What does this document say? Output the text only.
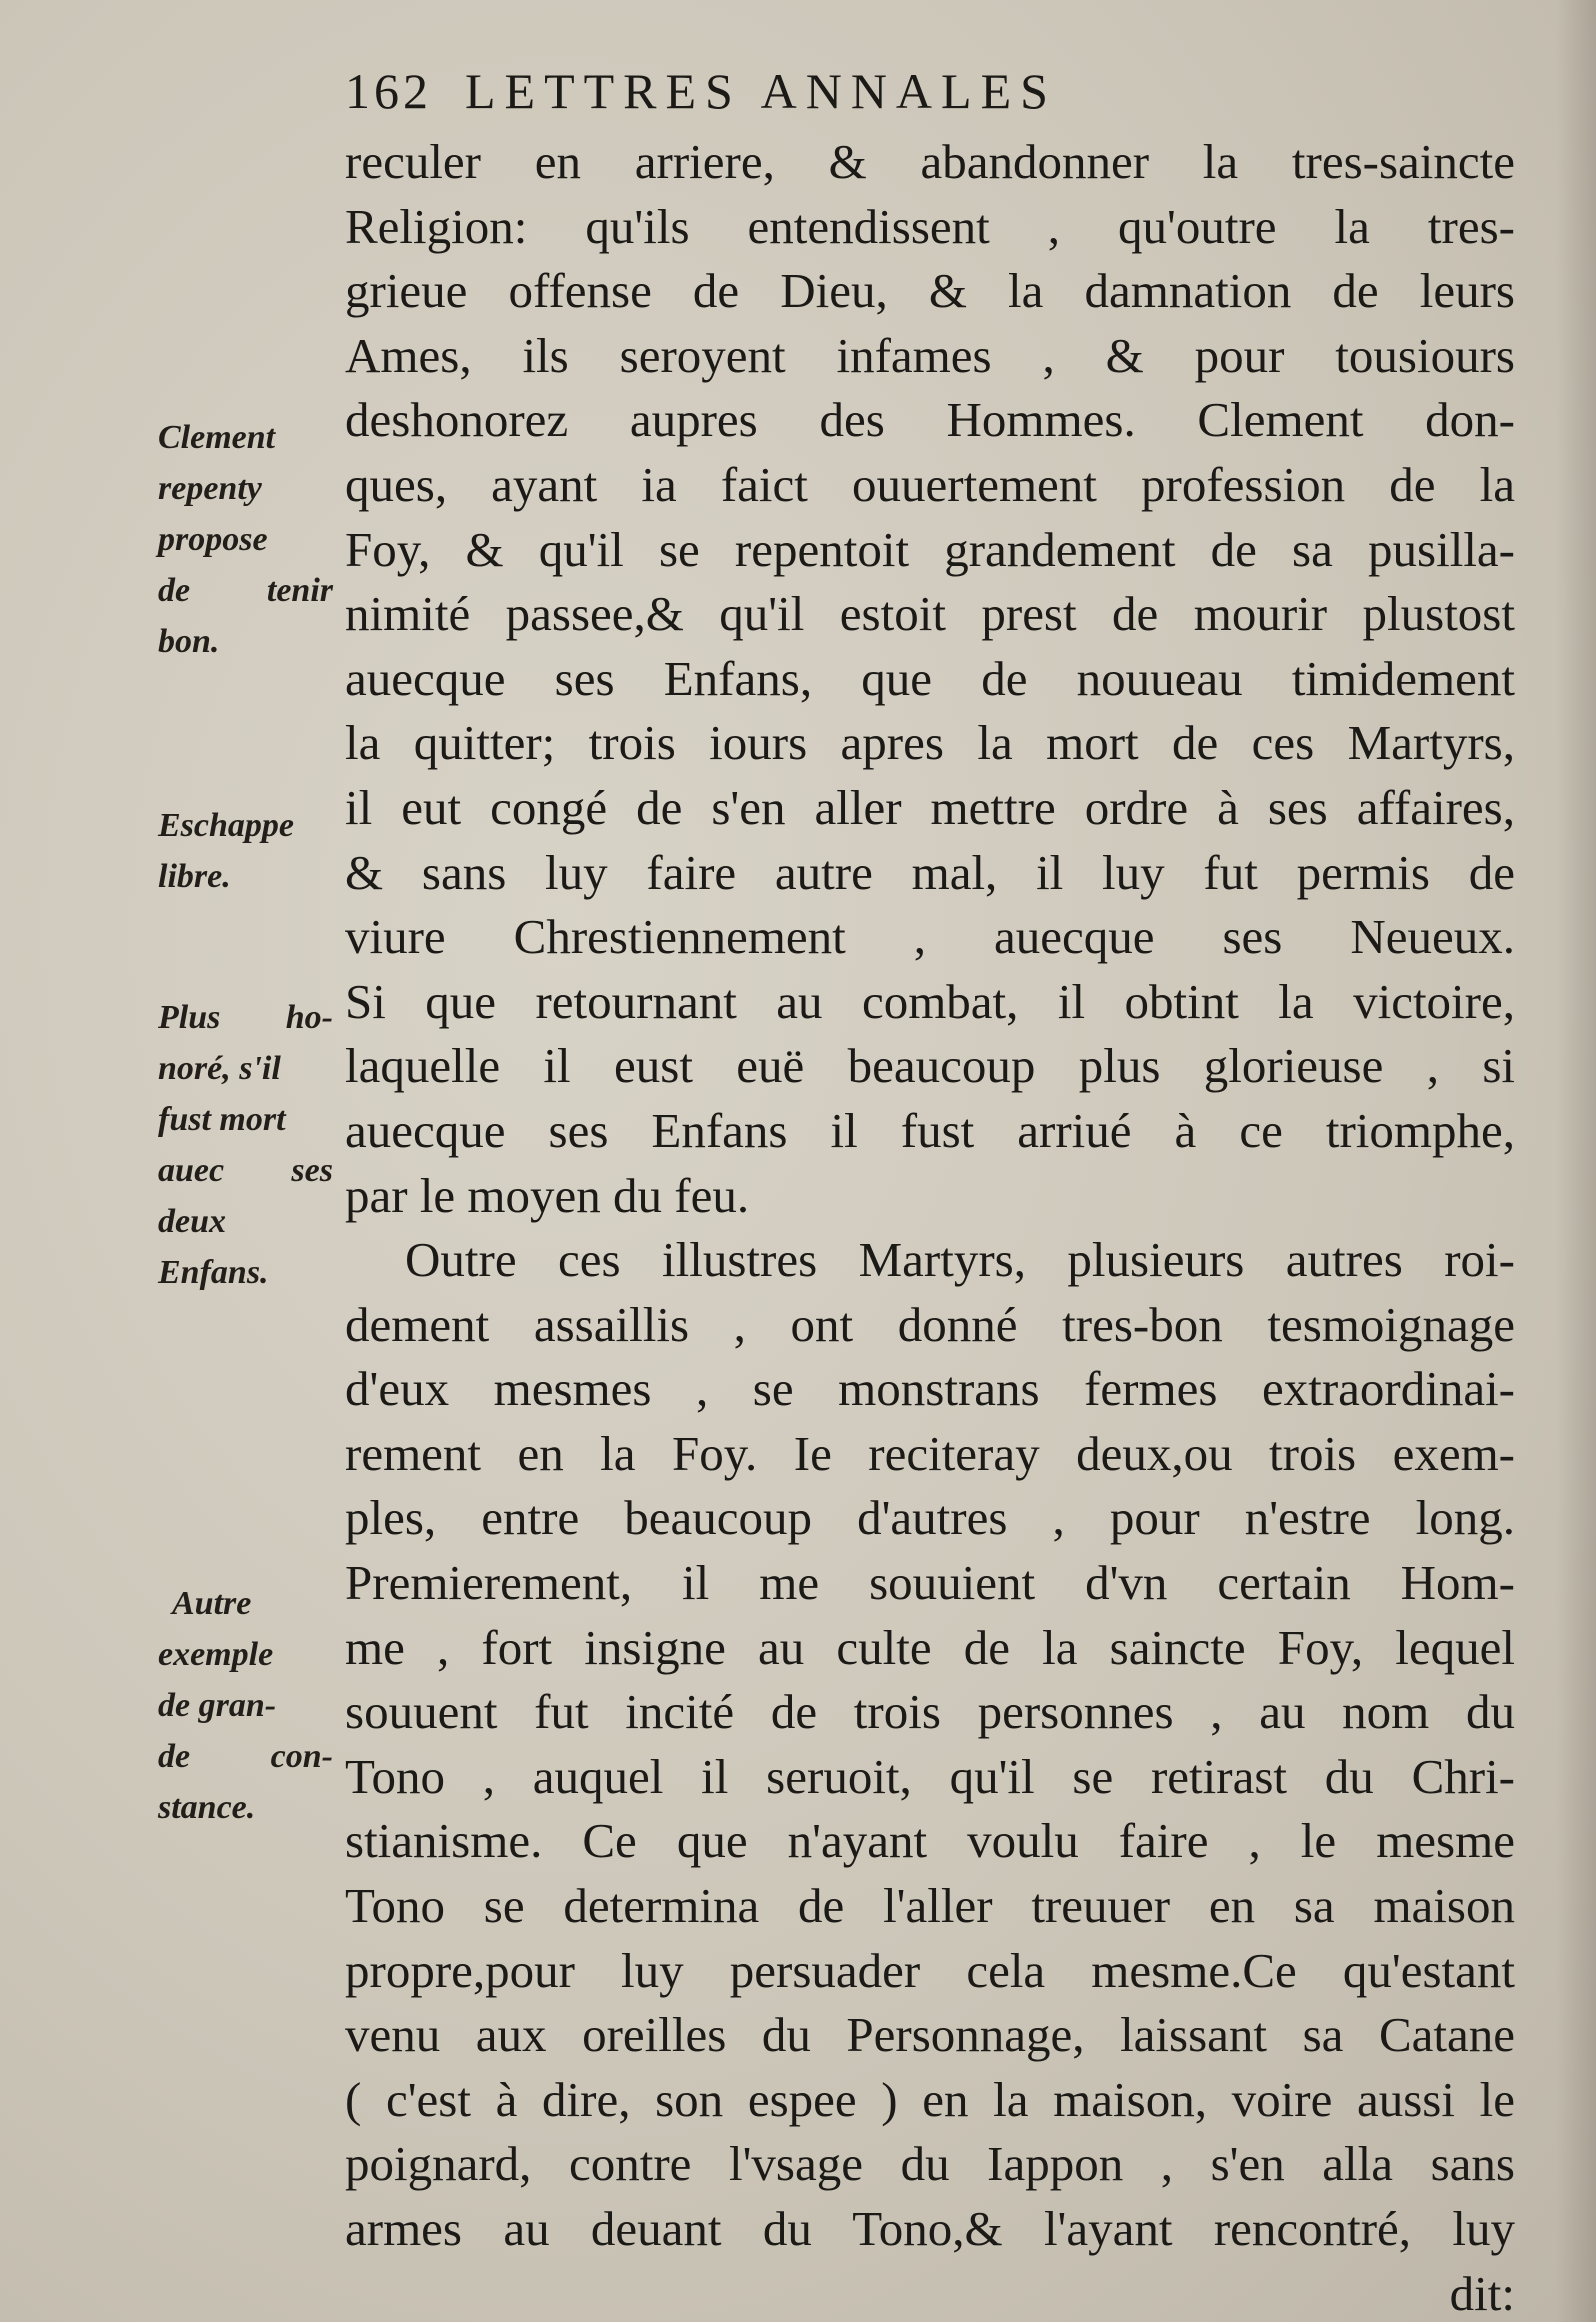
162 LETTRES ANNALES
reculer en arriere, & abandonner la tres-saincte
Religion: qu'ils entendissent , qu'outre la tres-
grieue offense de Dieu, & la damnation de leurs
Ames, ils seroyent infames , & pour tousiours
deshonorez aupres des Hommes. Clement don-
ques, ayant ia faict ouuertement profession de la
Foy, & qu'il se repentoit grandement de sa pusilla-
nimité passee,& qu'il estoit prest de mourir plustost
auecque ses Enfans, que de nouueau timidement
la quitter; trois iours apres la mort de ces Martyrs,
il eut congé de s'en aller mettre ordre à ses affaires,
& sans luy faire autre mal, il luy fut permis de
viure Chrestiennement , auecque ses Neueux.
Si que retournant au combat, il obtint la victoire,
laquelle il eust euë beaucoup plus glorieuse , si
auecque ses Enfans il fust arriué à ce triomphe,
par le moyen du feu.
Outre ces illustres Martyrs, plusieurs autres roi-
dement assaillis , ont donné tres-bon tesmoignage
d'eux mesmes , se monstrans fermes extraordinai-
rement en la Foy. Ie reciteray deux,ou trois exem-
ples, entre beaucoup d'autres , pour n'estre long.
Premierement, il me souuient d'vn certain Hom-
me , fort insigne au culte de la saincte Foy, lequel
souuent fut incité de trois personnes , au nom du
Tono , auquel il seruoit, qu'il se retirast du Chri-
stianisme. Ce que n'ayant voulu faire , le mesme
Tono se determina de l'aller treuuer en sa maison
propre,pour luy persuader cela mesme.Ce qu'estant
venu aux oreilles du Personnage, laissant sa Catane
( c'est à dire, son espee ) en la maison, voire aussi le
poignard, contre l'vsage du Iappon , s'en alla sans
armes au deuant du Tono,& l'ayant rencontré, luy
dit:
Clement
repenty
propose
de tenir
bon.
Eschappe
libre.
Plus ho-
noré, s'il
fust mort
auec ses
deux
Enfans.
Autre
exemple
de gran-
de con-
stance.
